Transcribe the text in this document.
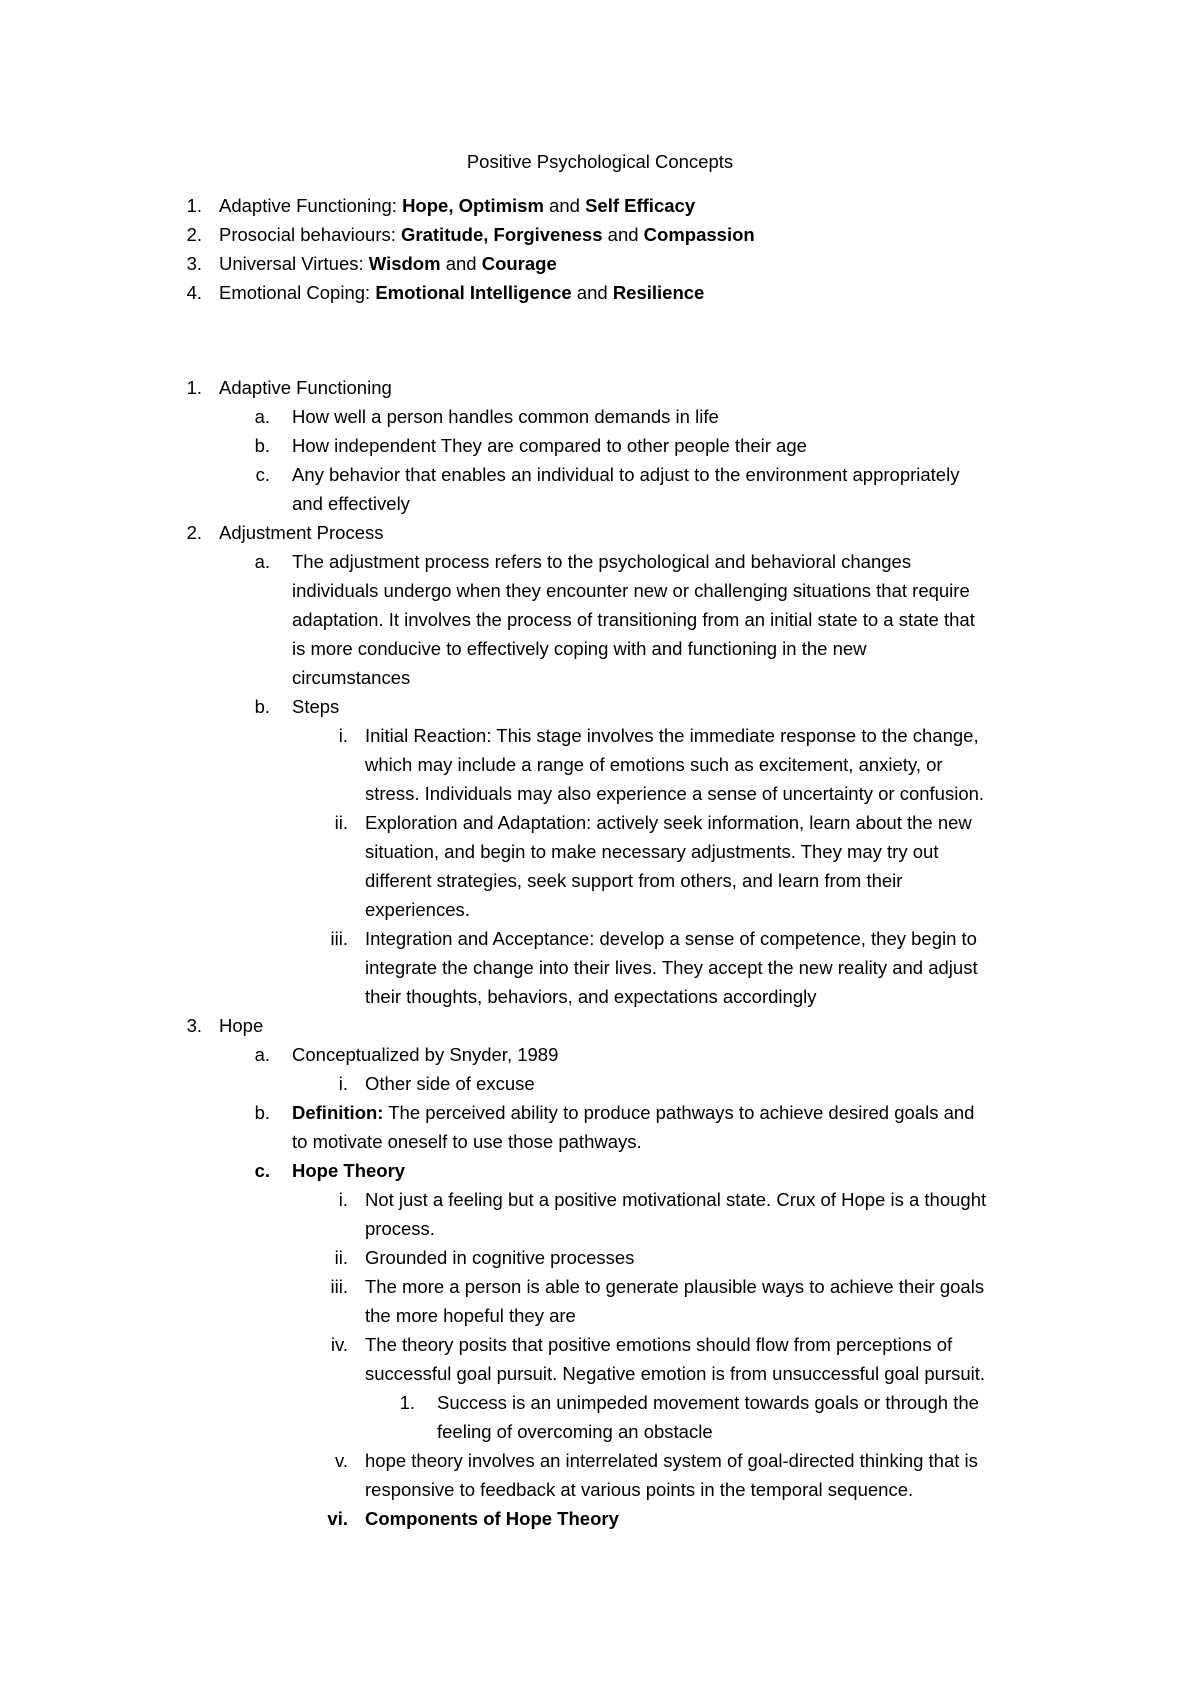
Positive Psychological Concepts
1. Adaptive Functioning: Hope, Optimism and Self Efficacy
2. Prosocial behaviours: Gratitude, Forgiveness and Compassion
3. Universal Virtues: Wisdom and Courage
4. Emotional Coping: Emotional Intelligence and Resilience
1. Adaptive Functioning
a. How well a person handles common demands in life
b. How independent They are compared to other people their age
c. Any behavior that enables an individual to adjust to the environment appropriately
and effectively
2. Adjustment Process
a. The adjustment process refers to the psychological and behavioral changes
individuals undergo when they encounter new or challenging situations that require
adaptation. It involves the process of transitioning from an initial state to a state that
is more conducive to effectively coping with and functioning in the new
circumstances
b. Steps
i. Initial Reaction: This stage involves the immediate response to the change,
which may include a range of emotions such as excitement, anxiety, or
stress. Individuals may also experience a sense of uncertainty or confusion.
ii. Exploration and Adaptation: actively seek information, learn about the new
situation, and begin to make necessary adjustments. They may try out
different strategies, seek support from others, and learn from their
experiences.
iii. Integration and Acceptance: develop a sense of competence, they begin to
integrate the change into their lives. They accept the new reality and adjust
their thoughts, behaviors, and expectations accordingly
3. Hope
a. Conceptualized by Snyder, 1989
i. Other side of excuse
b. Definition: The perceived ability to produce pathways to achieve desired goals and
to motivate oneself to use those pathways.
c. Hope Theory
i. Not just a feeling but a positive motivational state. Crux of Hope is a thought
process.
ii. Grounded in cognitive processes
iii. The more a person is able to generate plausible ways to achieve their goals
the more hopeful they are
iv. The theory posits that positive emotions should flow from perceptions of
successful goal pursuit. Negative emotion is from unsuccessful goal pursuit.
1. Success is an unimpeded movement towards goals or through the
feeling of overcoming an obstacle
v. hope theory involves an interrelated system of goal-directed thinking that is
responsive to feedback at various points in the temporal sequence.
vi. Components of Hope Theory
